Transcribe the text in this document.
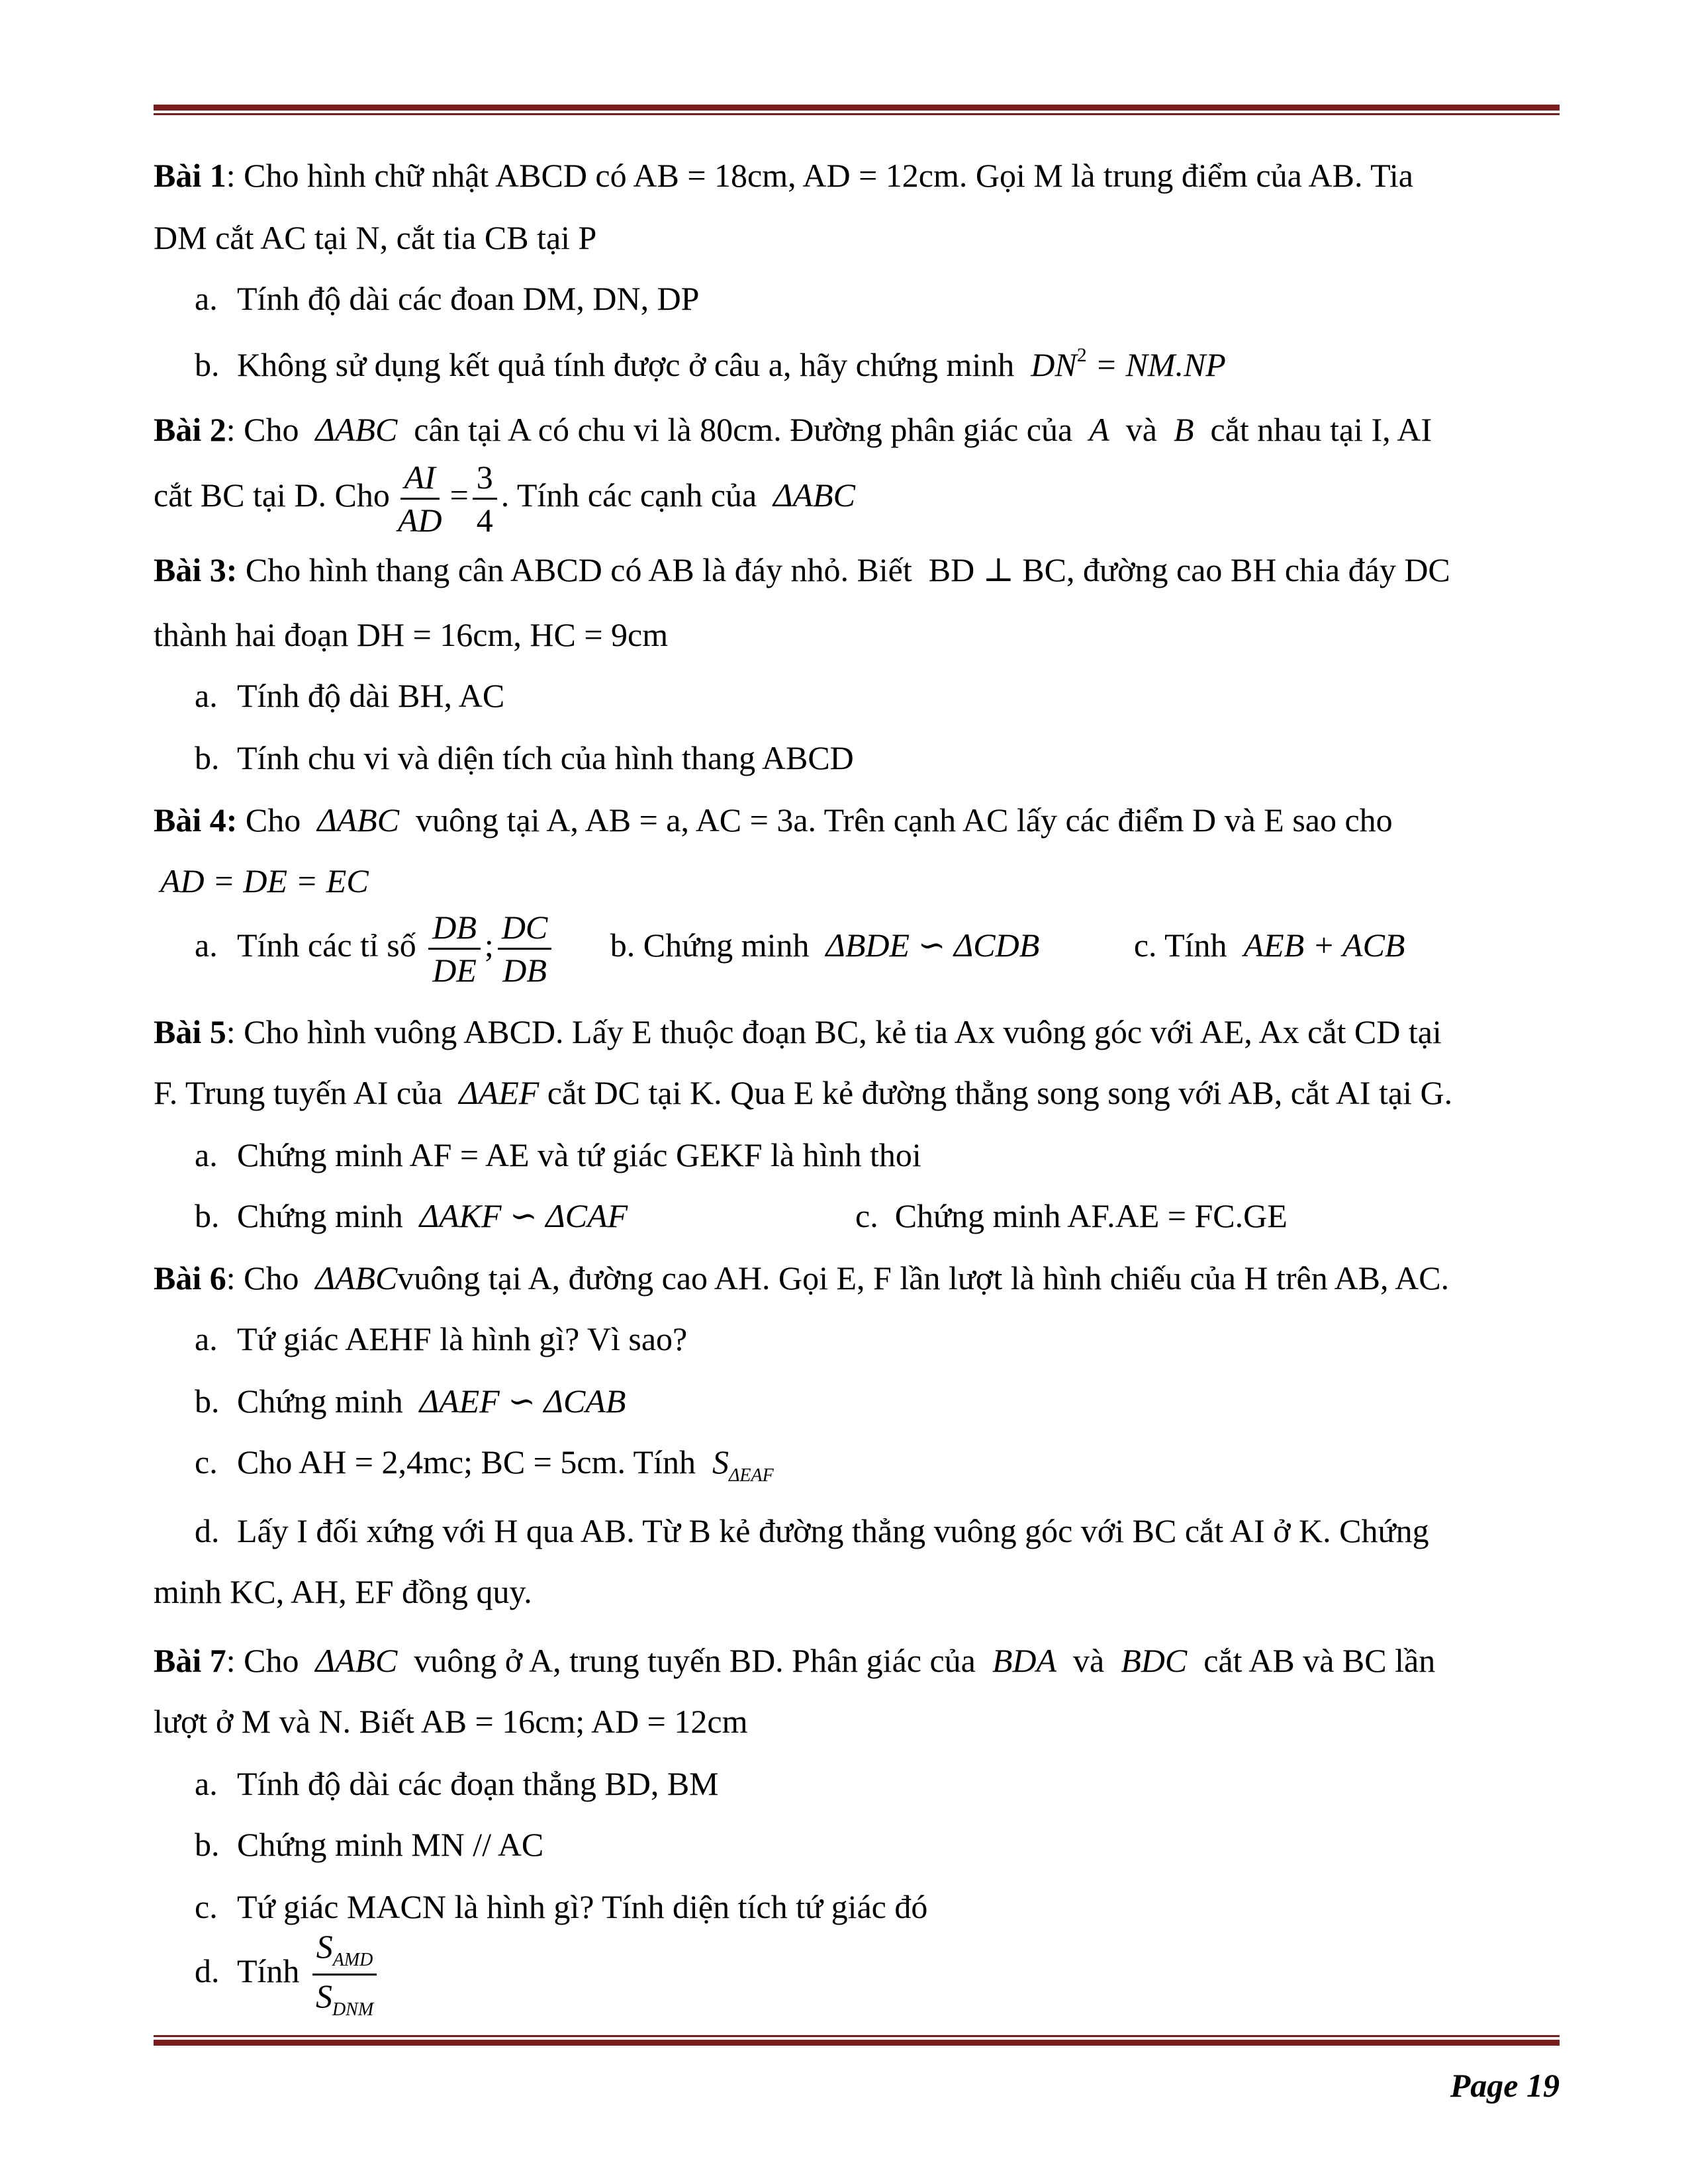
Bài 1: Cho hình chữ nhật ABCD có AB = 18cm, AD = 12cm. Gọi M là trung điểm của AB. Tia
DM cắt AC tại N, cắt tia CB tại P
a. Tính độ dài các đoan DM, DN, DP
b. Không sử dụng kết quả tính được ở câu a, hãy chứng minh $DN^2 = NM.NP$
Bài 2: Cho ΔABC cân tại A có chu vi là 80cm. Đường phân giác của A và B cắt nhau tại I, AI
cắt BC tại D. Cho $\frac{AI}{AD} = \frac{3}{4}$ . Tính các cạnh của ΔABC
Bài 3: Cho hình thang cân ABCD có AB là đáy nhỏ. Biết BD ⊥ BC, đường cao BH chia đáy DC
thành hai đoạn DH = 16cm, HC = 9cm
a. Tính độ dài BH, AC
b. Tính chu vi và diện tích của hình thang ABCD
Bài 4: Cho ΔABC vuông tại A, AB = a, AC = 3a. Trên cạnh AC lấy các điểm D và E sao cho
AD = DE = EC
a. Tính các tỉ số $\frac{DB}{DE}$ ; $\frac{DC}{DB} b$. Chứng minh ΔBDE ∽ ΔCDB	c. Tính AEB + ACB
Bài 5: Cho hình vuông ABCD. Lấy E thuộc đoạn BC, kẻ tia Ax vuông góc với AE, Ax cắt CD tại
F. Trung tuyến AI của ΔAEF cắt DC tại K. Qua E kẻ đường thẳng song song với AB, cắt AI tại G.
a. Chứng minh AF = AE và tứ giác GEKF là hình thoi
b. Chứng minh ΔAKF ∽ ΔCAF	c. Chứng minh AF.AE = FC.GE
Bài 6: Cho ΔABCvuông tại A, đường cao AH. Gọi E, F lần lượt là hình chiếu của H trên AB, AC.
a. Tứ giác AEHF là hình gì? Vì sao?
b. Chứng minh ΔAEF ∽ ΔCAB
c. Cho AH = 2,4mc; BC = 5cm. Tính $S_{\Delta EAF}$
d. Lấy I đối xứng với H qua AB. Từ B kẻ đường thẳng vuông góc với BC cắt AI ở K. Chứng
minh KC, AH, EF đồng quy.
Bài 7: Cho ΔABC vuông ở A, trung tuyến BD. Phân giác của BDA và BDC cắt AB và BC lần
lượt ở M và N. Biết AB = 16cm; AD = 12cm
a. Tính độ dài các đoạn thẳng BD, BM
b. Chứng minh MN // AC
c. Tứ giác MACN là hình gì? Tính diện tích tứ giác đó
d. Tính $\frac{S_{AMD}}{S_{DNM}}$
Page 19
